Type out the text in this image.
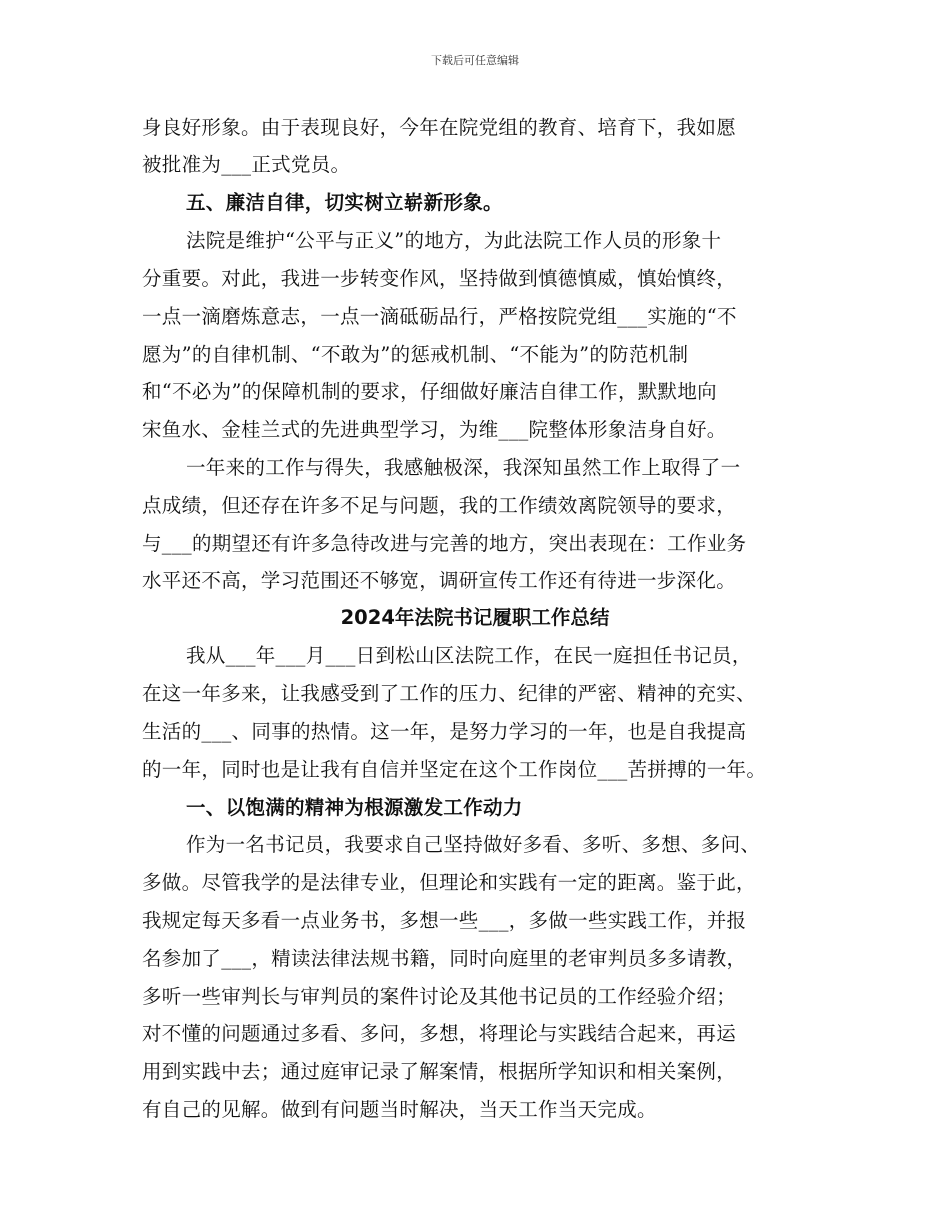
下载后可任意编辑
身良好形象。由于表现良好，今年在院党组的教育、培育下，我如愿
被批准为___正式党员。
五、廉洁自律，切实树立崭新形象。
法院是维护“公平与正义”的地方，为此法院工作人员的形象十
分重要。对此，我进一步转变作风，坚持做到慎德慎威，慎始慎终，
一点一滴磨炼意志，一点一滴砥砺品行，严格按院党组___实施的“不
愿为”的自律机制、“不敢为”的惩戒机制、“不能为”的防范机制
和“不必为”的保障机制的要求，仔细做好廉洁自律工作，默默地向
宋鱼水、金桂兰式的先进典型学习，为维___院整体形象洁身自好。
一年来的工作与得失，我感触极深，我深知虽然工作上取得了一
点成绩，但还存在许多不足与问题，我的工作绩效离院领导的要求，
与___的期望还有许多急待改进与完善的地方，突出表现在：工作业务
水平还不高，学习范围还不够宽，调研宣传工作还有待进一步深化。
2024年法院书记履职工作总结
我从___年___月___日到松山区法院工作，在民一庭担任书记员，
在这一年多来，让我感受到了工作的压力、纪律的严密、精神的充实、
生活的___、同事的热情。这一年，是努力学习的一年，也是自我提高
的一年，同时也是让我有自信并坚定在这个工作岗位___苦拼搏的一年。
一、以饱满的精神为根源激发工作动力
作为一名书记员，我要求自己坚持做好多看、多听、多想、多问、
多做。尽管我学的是法律专业，但理论和实践有一定的距离。鉴于此，
我规定每天多看一点业务书，多想一些___，多做一些实践工作，并报
名参加了___，精读法律法规书籍，同时向庭里的老审判员多多请教，
多听一些审判长与审判员的案件讨论及其他书记员的工作经验介绍；
对不懂的问题通过多看、多问，多想，将理论与实践结合起来，再运
用到实践中去；通过庭审记录了解案情，根据所学知识和相关案例，
有自己的见解。做到有问题当时解决，当天工作当天完成。
